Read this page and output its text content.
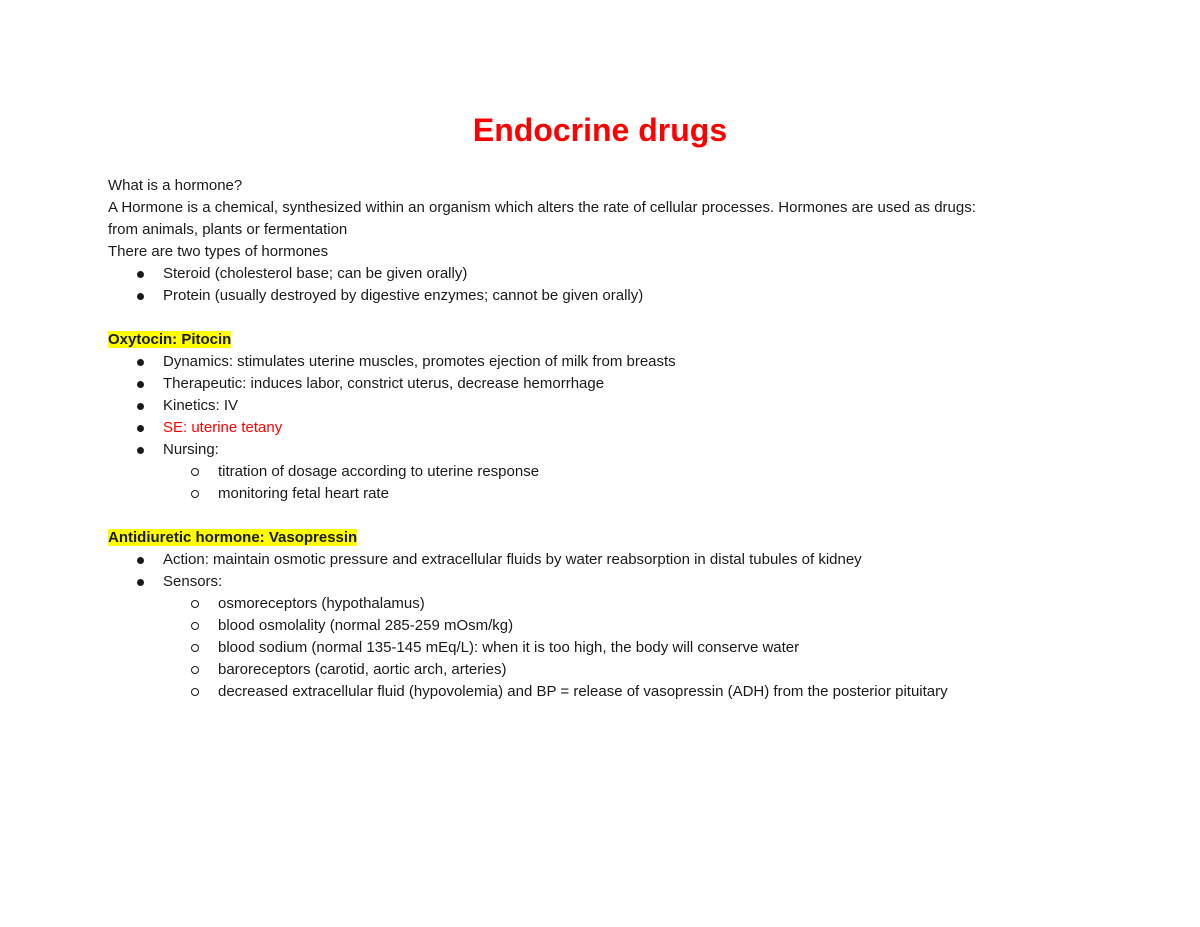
Endocrine drugs
What is a hormone?
A Hormone is a chemical, synthesized within an organism which alters the rate of cellular processes. Hormones are used as drugs:
from animals, plants or fermentation
There are two types of hormones
Steroid (cholesterol base; can be given orally)
Protein (usually destroyed by digestive enzymes; cannot be given orally)
Oxytocin: Pitocin
Dynamics: stimulates uterine muscles, promotes ejection of milk from breasts
Therapeutic: induces labor, constrict uterus, decrease hemorrhage
Kinetics: IV
SE: uterine tetany
Nursing:
titration of dosage according to uterine response
monitoring fetal heart rate
Antidiuretic hormone: Vasopressin
Action: maintain osmotic pressure and extracellular fluids by water reabsorption in distal tubules of kidney
Sensors:
osmoreceptors (hypothalamus)
blood osmolality (normal 285-259 mOsm/kg)
blood sodium (normal 135-145 mEq/L): when it is too high, the body will conserve water
baroreceptors (carotid, aortic arch, arteries)
decreased extracellular fluid (hypovolemia) and BP = release of vasopressin (ADH) from the posterior pituitary
